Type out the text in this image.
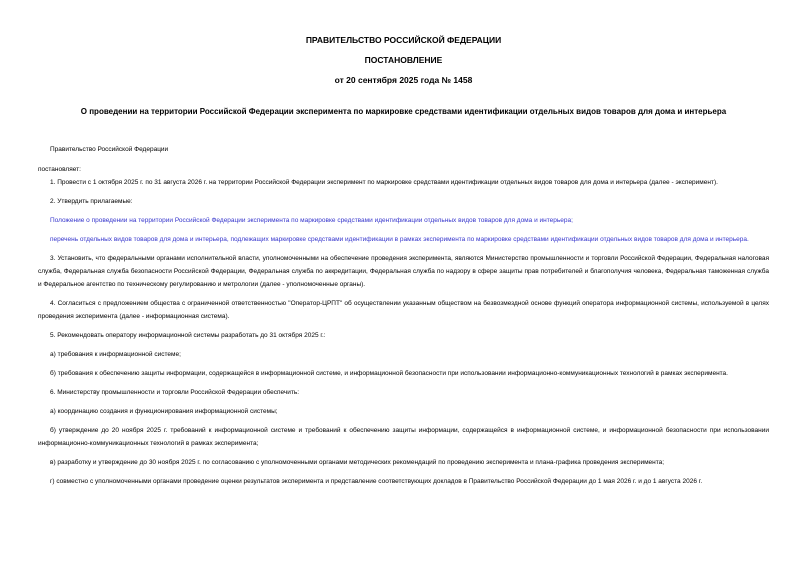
ПРАВИТЕЛЬСТВО РОССИЙСКОЙ ФЕДЕРАЦИИ
ПОСТАНОВЛЕНИЕ
от 20 сентября 2025 года № 1458
О проведении на территории Российской Федерации эксперимента по маркировке средствами идентификации отдельных видов товаров для дома и интерьера

Правительство Российской Федерации

постановляет:

1. Провести с 1 октября 2025 г. по 31 августа 2026 г. на территории Российской Федерации эксперимент по маркировке средствами идентификации отдельных видов товаров для дома и интерьера (далее - эксперимент).

2. Утвердить прилагаемые:

Положение о проведении на территории Российской Федерации эксперимента по маркировке средствами идентификации отдельных видов товаров для дома и интерьера;

перечень отдельных видов товаров для дома и интерьера, подлежащих маркировке средствами идентификации в рамках эксперимента по маркировке средствами идентификации отдельных видов товаров для дома и интерьера.

3. Установить, что федеральными органами исполнительной власти, уполномоченными на обеспечение проведения эксперимента, являются Министерство промышленности и торговли Российской Федерации, Федеральная налоговая служба, Федеральная служба безопасности Российской Федерации, Федеральная служба по аккредитации, Федеральная служба по надзору в сфере защиты прав потребителей и благополучия человека, Федеральная таможенная служба и Федеральное агентство по техническому регулированию и метрологии (далее - уполномоченные органы).

4. Согласиться с предложением общества с ограниченной ответственностью "Оператор-ЦРПТ" об осуществлении указанным обществом на безвозмездной основе функций оператора информационной системы, используемой в целях проведения эксперимента (далее - информационная система).

5. Рекомендовать оператору информационной системы разработать до 31 октября 2025 г.:

а) требования к информационной системе;

б) требования к обеспечению защиты информации, содержащейся в информационной системе, и информационной безопасности при использовании информационно-коммуникационных технологий в рамках эксперимента.

6. Министерству промышленности и торговли Российской Федерации обеспечить:

а) координацию создания и функционирования информационной системы;

б) утверждение до 20 ноября 2025 г. требований к информационной системе и требований к обеспечению защиты информации, содержащейся в информационной системе, и информационной безопасности при использовании информационно-коммуникационных технологий в рамках эксперимента;

в) разработку и утверждение до 30 ноября 2025 г. по согласованию с уполномоченными органами методических рекомендаций по проведению эксперимента и плана-графика проведения эксперимента;

г) совместно с уполномоченными органами проведение оценки результатов эксперимента и представление соответствующих докладов в Правительство Российской Федерации до 1 мая 2026 г. и до 1 августа 2026 г.
